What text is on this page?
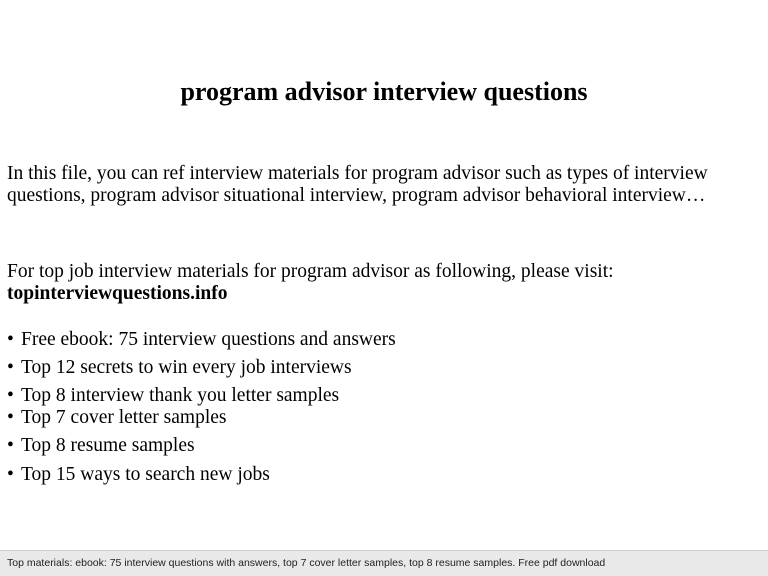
program advisor interview questions

In this file, you can ref interview materials for program advisor such as types of interview questions, program advisor situational interview, program advisor behavioral interview…

For top job interview materials for program advisor as following, please visit:
topinterviewquestions.info

• Free ebook: 75 interview questions and answers
• Top 12 secrets to win every job interviews
• Top 8 interview thank you letter samples
• Top 7 cover letter samples
• Top 8 resume samples
• Top 15 ways to search new jobs
Top materials: ebook: 75 interview questions with answers, top 7 cover letter samples, top 8 resume samples. Free pdf download
